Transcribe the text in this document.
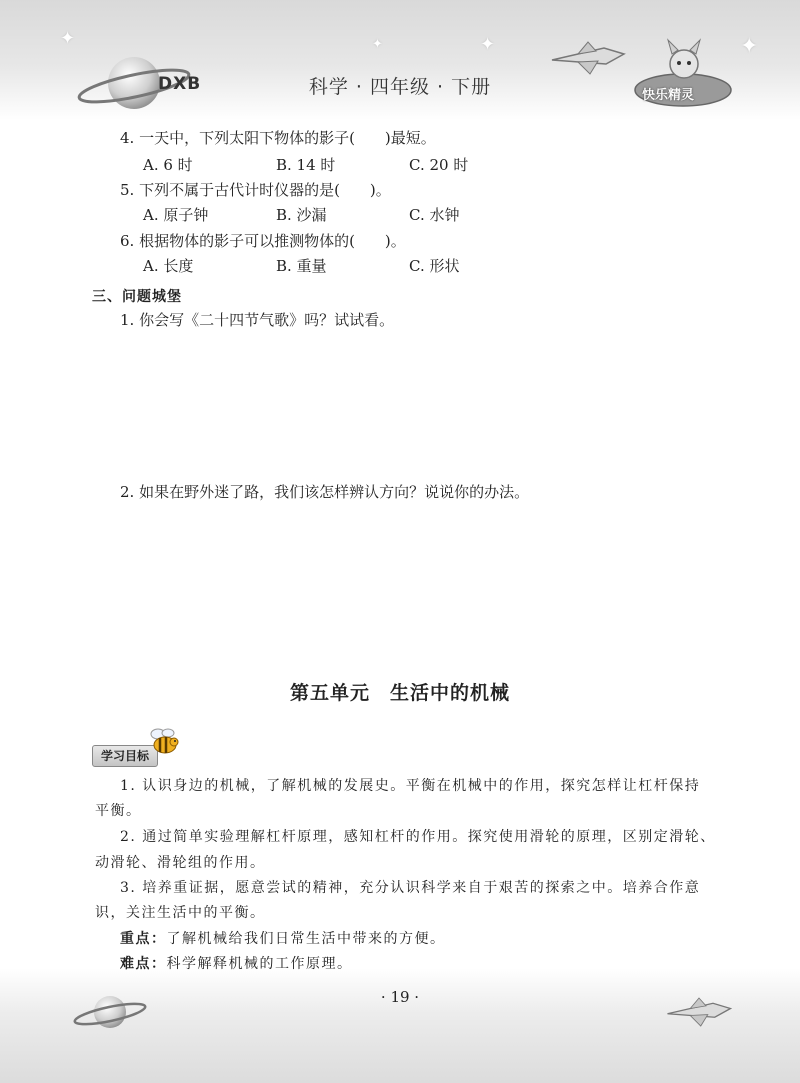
✦	✦	✦	✦
DXB	科学 · 四年级 · 下册	快乐精灵
4. 一天中，下列太阳下物体的影子(　　)最短。
A. 6 时	B. 14 时	C. 20 时
5. 下列不属于古代计时仪器的是(　　)。
A. 原子钟	B. 沙漏	C. 水钟
6. 根据物体的影子可以推测物体的(　　)。
A. 长度	B. 重量	C. 形状
三、问题城堡
1. 你会写《二十四节气歌》吗？试试看。
2. 如果在野外迷了路，我们该怎样辨认方向？说说你的办法。
第五单元　生活中的机械
学习目标
1. 认识身边的机械，了解机械的发展史。平衡在机械中的作用，探究怎样让杠杆保持
平衡。
2. 通过简单实验理解杠杆原理，感知杠杆的作用。探究使用滑轮的原理，区别定滑轮、
动滑轮、滑轮组的作用。
3. 培养重证据，愿意尝试的精神，充分认识科学来自于艰苦的探索之中。培养合作意
识，关注生活中的平衡。
重点：了解机械给我们日常生活中带来的方便。
难点：科学解释机械的工作原理。
· 19 ·
